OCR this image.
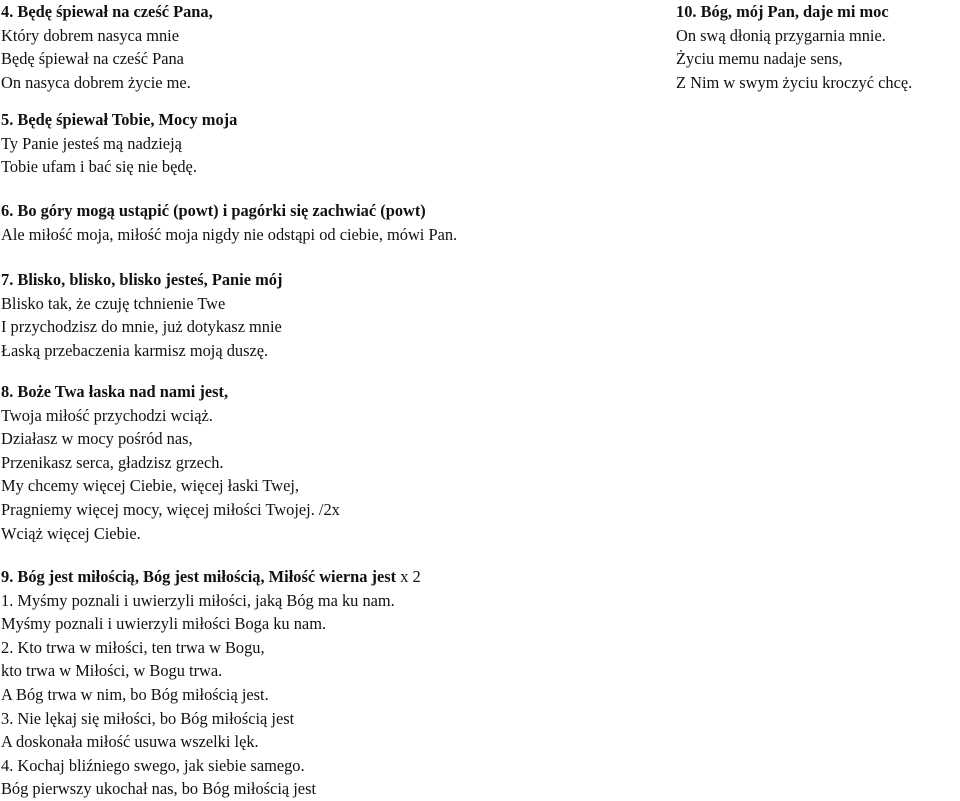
4. Będę śpiewał na cześć Pana,
Który dobrem nasyca mnie
Będę śpiewał na cześć Pana
On nasyca dobrem życie me.
5. Będę śpiewał Tobie, Mocy moja
Ty Panie jesteś mą nadzieją
Tobie ufam i bać się nie będę.
6. Bo góry mogą ustąpić (powt) i pagórki się zachwiać (powt)
Ale miłość moja, miłość moja nigdy nie odstąpi od ciebie, mówi Pan.
7. Blisko, blisko, blisko jesteś, Panie mój
Blisko tak, że czuję tchnienie Twe
I przychodzisz do mnie, już dotykasz mnie
Łaską przebaczenia karmisz moją duszę.
8. Boże Twa łaska nad nami jest,
Twoja miłość przychodzi wciąż.
Działasz w mocy pośród nas,
Przenikasz serca, gładzisz grzech.
My chcemy więcej Ciebie, więcej łaski Twej,
Pragniemy więcej mocy, więcej miłości Twojej. /2x
Wciąż więcej Ciebie.
9. Bóg jest miłością, Bóg jest miłością, Miłość wierna jest x 2
1. Myśmy poznali i uwierzyli miłości, jaką Bóg ma ku nam.
Myśmy poznali i uwierzyli miłości Boga ku nam.
2. Kto trwa w miłości, ten trwa w Bogu,
kto trwa w Miłości, w Bogu trwa.
A Bóg trwa w nim, bo Bóg miłością jest.
3. Nie lękaj się miłości, bo Bóg miłością jest
A doskonała miłość usuwa wszelki lęk.
4. Kochaj bliźniego swego, jak siebie samego.
Bóg pierwszy ukochał nas, bo Bóg miłością jest
10. Bóg, mój Pan, daje mi moc
On swą dłonią przygarnia mnie.
Życiu memu nadaje sens,
Z Nim w swym życiu kroczyć chcę.
